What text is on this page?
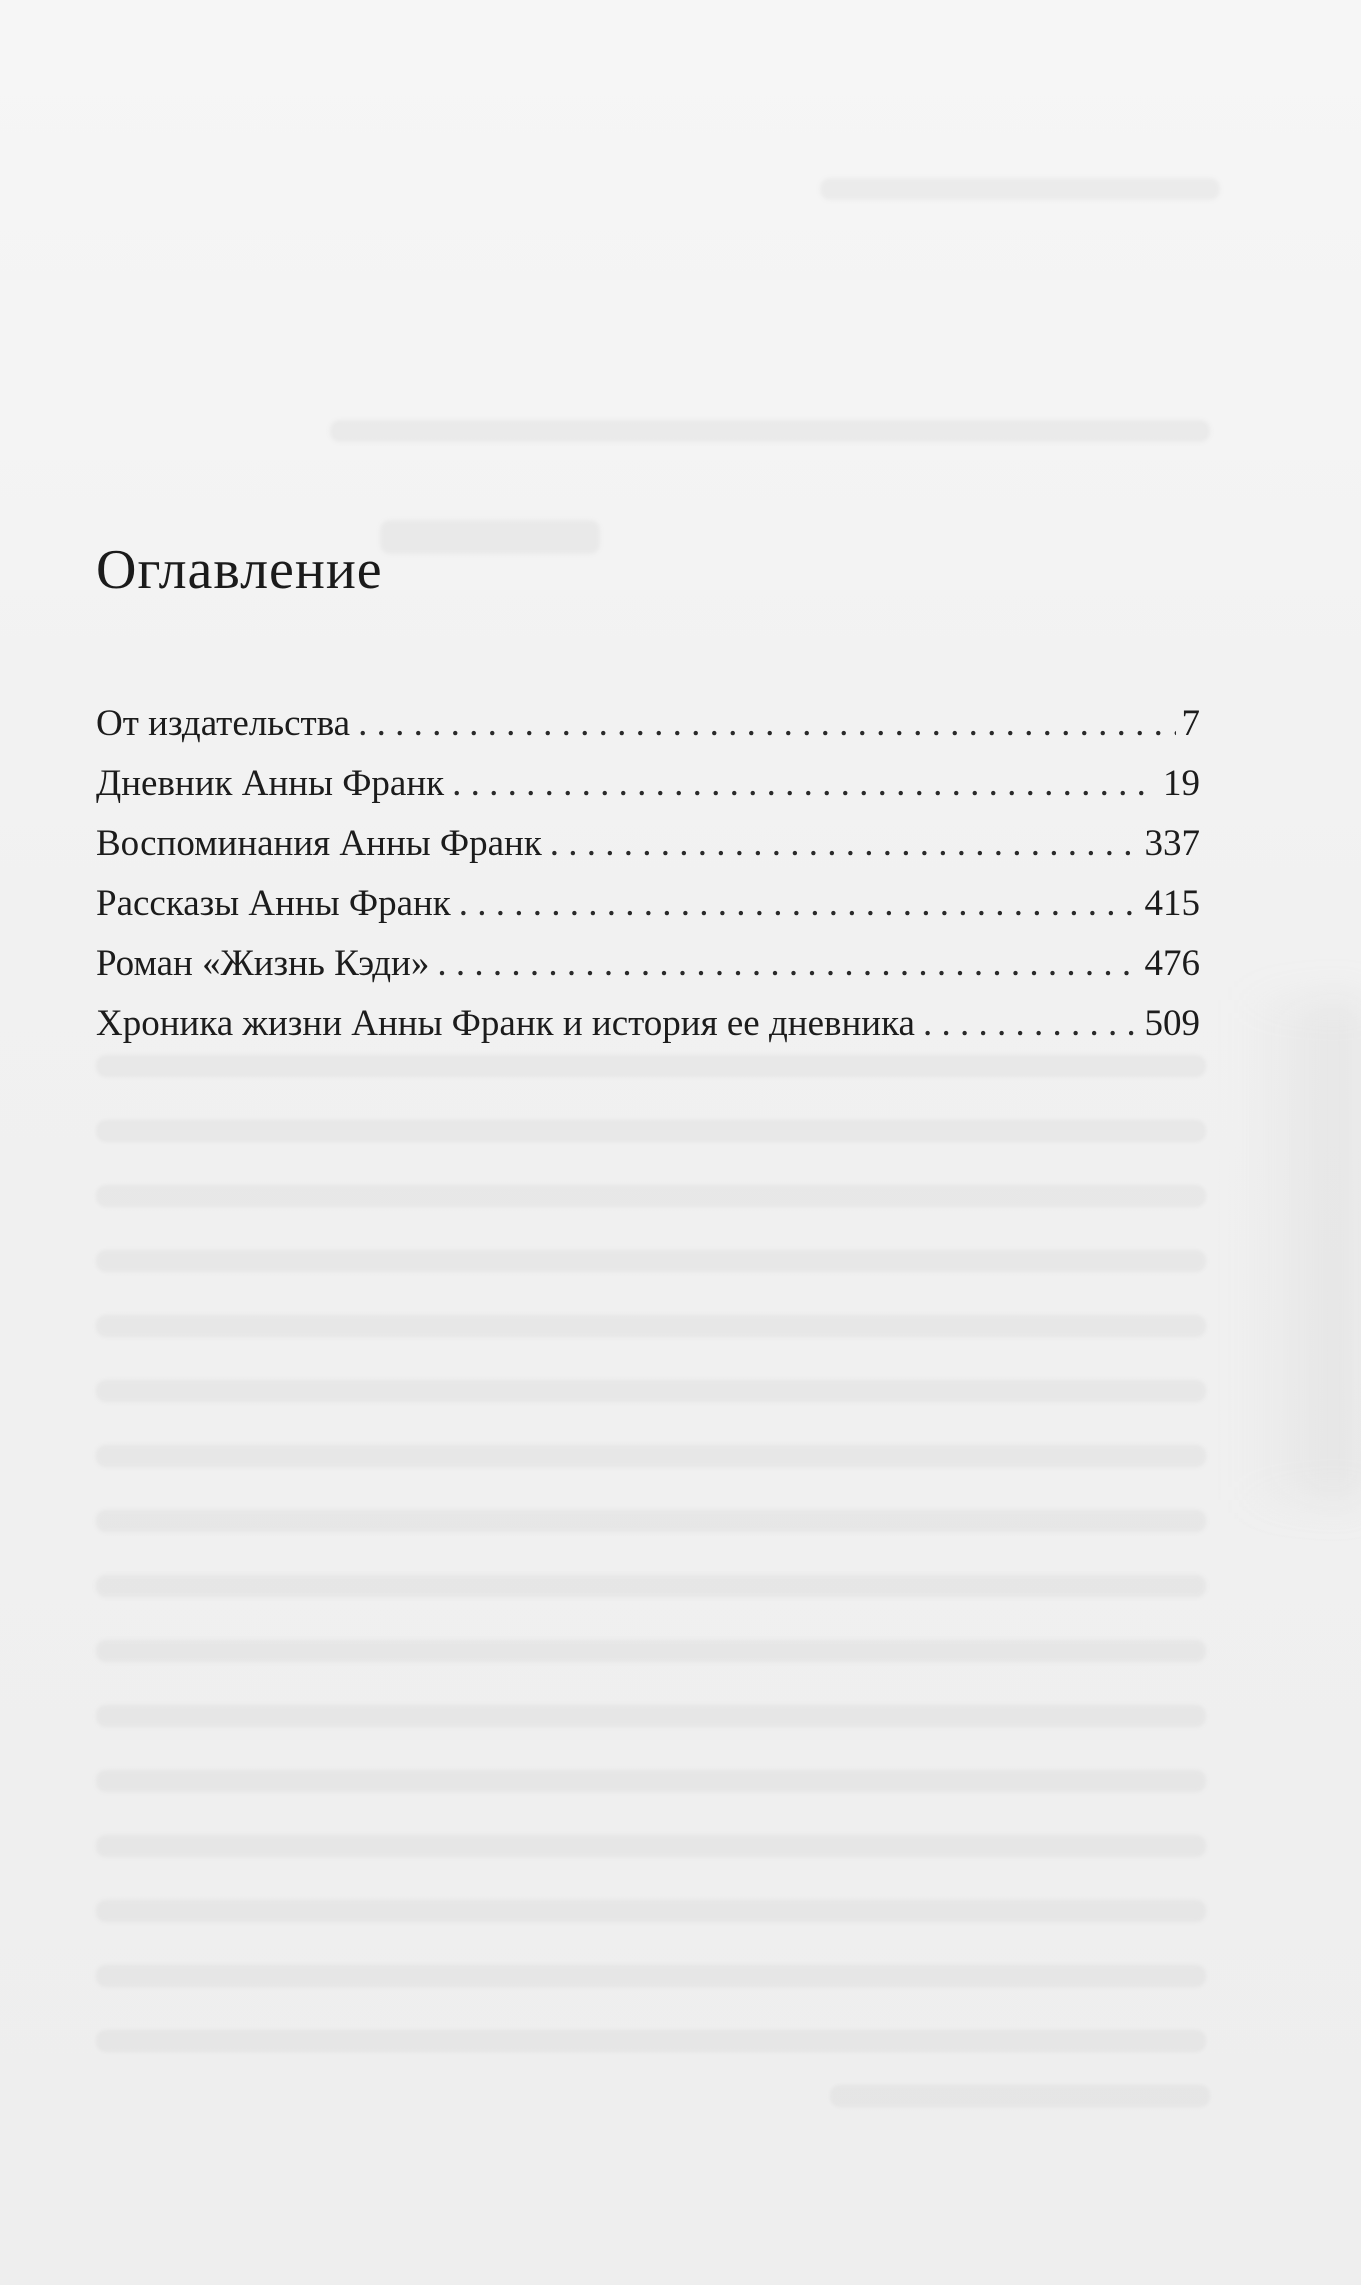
Оглавление
От издательства . . .	7
Дневник Анны Франк . . .	19
Воспоминания Анны Франк . . .	337
Рассказы Анны Франк . . .	415
Роман «Жизнь Кэди» . . .	476
Хроника жизни Анны Франк и история ее дневника . . .	509
